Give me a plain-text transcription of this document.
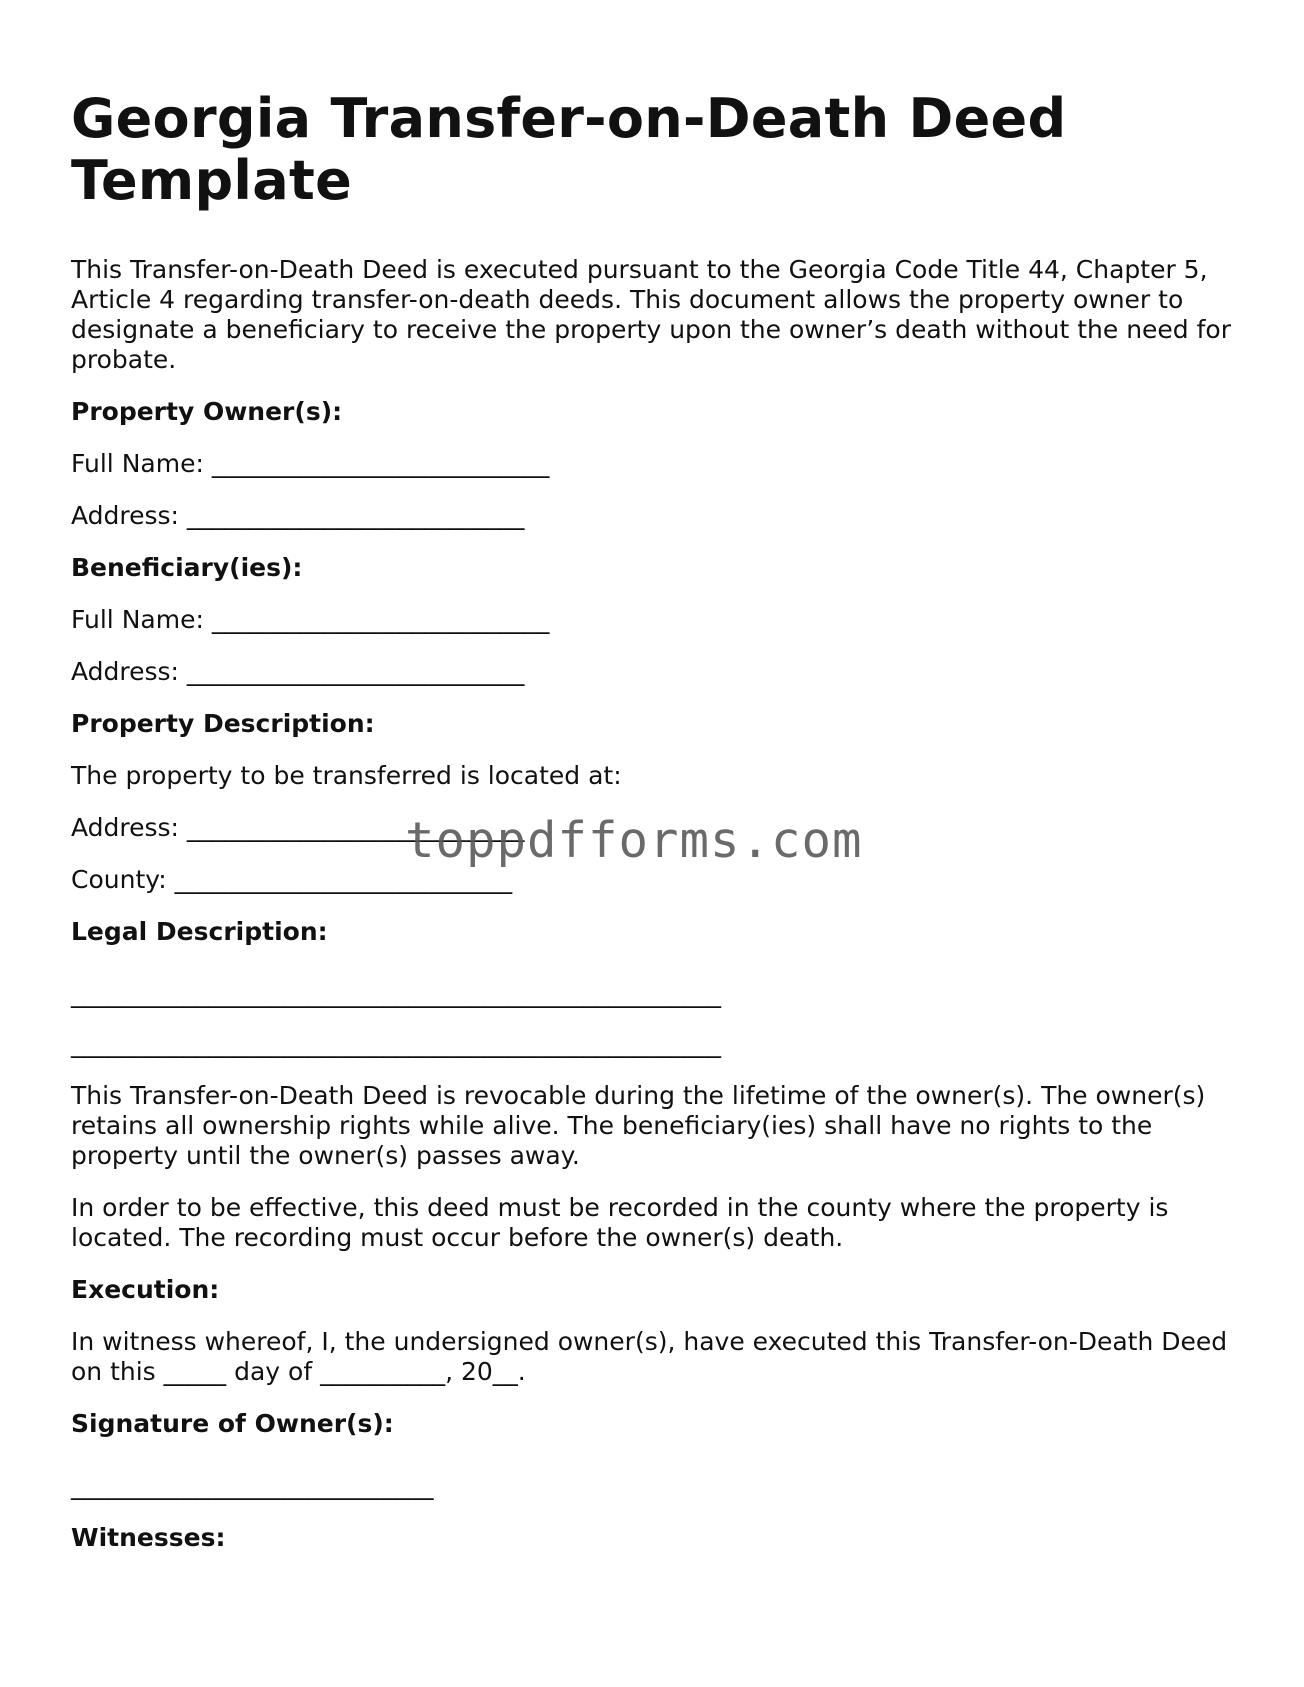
Georgia Transfer-on-Death Deed Template

This Transfer-on-Death Deed is executed pursuant to the Georgia Code Title 44, Chapter 5, Article 4 regarding transfer-on-death deeds. This document allows the property owner to designate a beneficiary to receive the property upon the owner’s death without the need for probate.

Property Owner(s):

Full Name: ___________________________

Address: ___________________________

Beneficiary(ies):

Full Name: ___________________________

Address: ___________________________

Property Description:

The property to be transferred is located at:

Address: ___________________________

County: ___________________________

Legal Description:

____________________________________________________
____________________________________________________

This Transfer-on-Death Deed is revocable during the lifetime of the owner(s). The owner(s) retains all ownership rights while alive. The beneficiary(ies) shall have no rights to the property until the owner(s) passes away.

In order to be effective, this deed must be recorded in the county where the property is located. The recording must occur before the owner(s) death.

Execution:

In witness whereof, I, the undersigned owner(s), have executed this Transfer-on-Death Deed on this _____ day of __________, 20__.

Signature of Owner(s):

_____________________________

Witnesses:

toppdfforms.com
